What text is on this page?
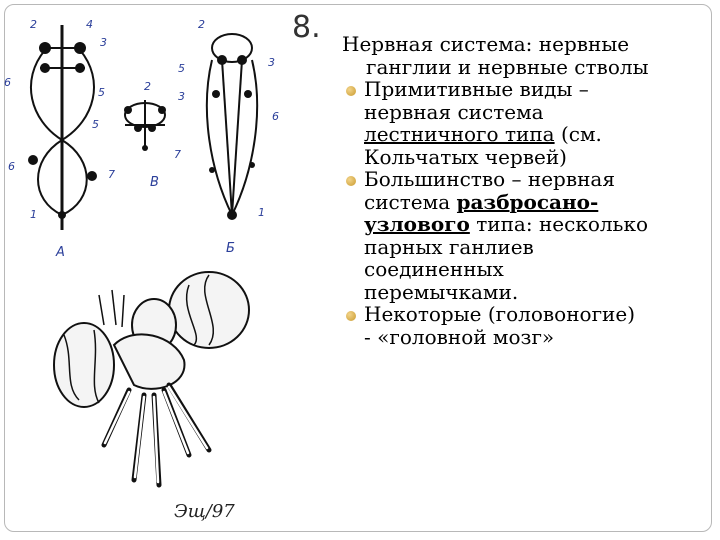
2	4
3
6
5
5
6
7
1
А
2
3
7
В
2
3
5
6
1
Б
Эщ/97
8. Нервная система: нервные
ганглии и нервные стволы

Примитивные виды –
нервная система
лестничного типа (см.
Кольчатых червей)
Большинство – нервная
система разбросано-
узлового типа: несколько
парных ганлиев
соединенных
перемычками.
Некоторые (головоногие)
- «головной мозг»
